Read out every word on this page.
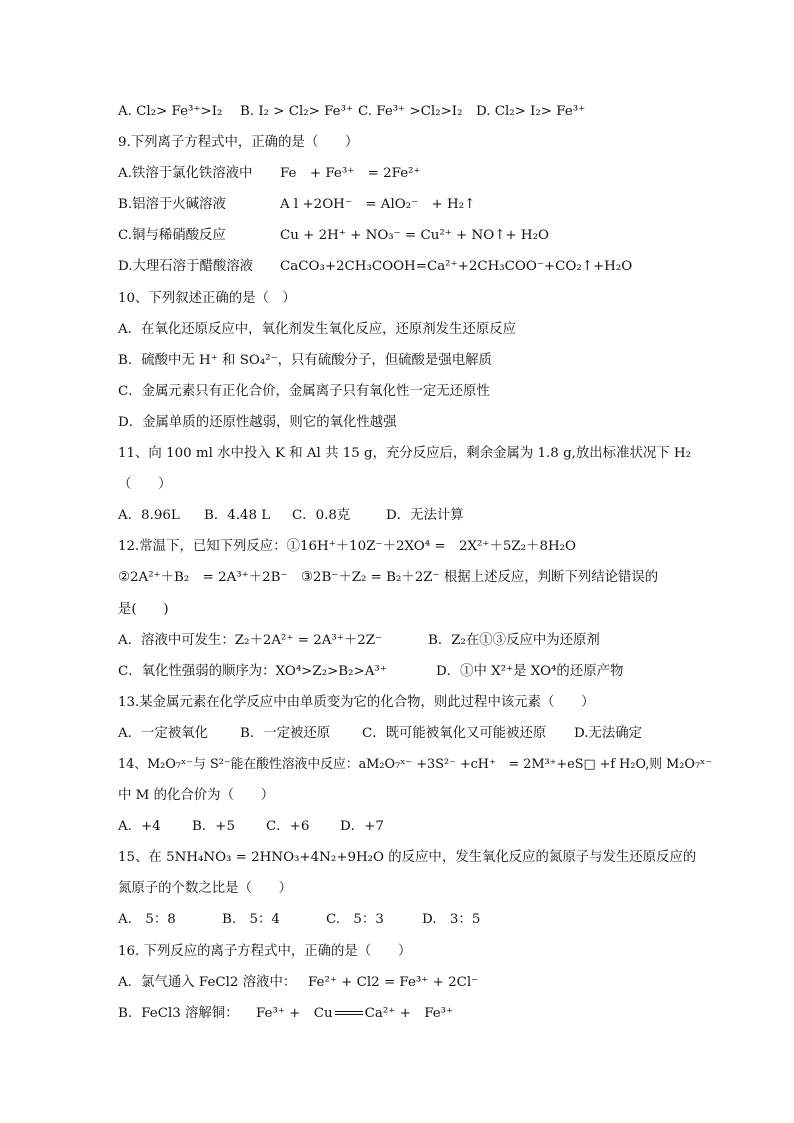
A. Cl₂> Fe³⁺>I₂	B. I₂ > Cl₂> Fe³⁺ C. Fe³⁺ >Cl₂>I₂	D. Cl₂> I₂> Fe³⁺
9.下列离子方程式中，正确的是（　　）
A.铁溶于氯化铁溶液中	Fe　+ Fe³⁺　= 2Fe²⁺
B.铝溶于火碱溶液	A l +2OH⁻　= AlO₂⁻　+ H₂↑
C.铜与稀硝酸反应	Cu + 2H⁺ + NO₃⁻ = Cu²⁺ + NO↑+ H₂O
D.大理石溶于醋酸溶液	CaCO₃+2CH₃COOH=Ca²⁺+2CH₃COO⁻+CO₂↑+H₂O
10、下列叙述正确的是（　）
A．在氧化还原反应中，氧化剂发生氧化反应，还原剂发生还原反应
B．硫酸中无 H⁺ 和 SO₄²⁻，只有硫酸分子，但硫酸是强电解质
C．金属元素只有正化合价，金属离子只有氧化性一定无还原性
D．金属单质的还原性越弱，则它的氧化性越强
11、向 100 ml 水中投入 K 和 Al 共 15 g，充分反应后，剩余金属为 1.8 g,放出标准状况下 H₂
（　　）
A．8.96L	B．4.48 L	C．0.8克	D．无法计算
12.常温下，已知下列反应：①16H⁺＋10Z⁻＋2XO⁴ =　2X²⁺＋5Z₂＋8H₂O
②2A²⁺＋B₂　= 2A³⁺＋2B⁻　③2B⁻＋Z₂ = B₂＋2Z⁻ 根据上述反应，判断下列结论错误的
是(　　)
A．溶液中可发生：Z₂＋2A²⁺ = 2A³⁺＋2Z⁻	B．Z₂在①③反应中为还原剂
C．氧化性强弱的顺序为：XO⁴>Z₂>B₂>A³⁺	D．①中 X²⁺是 XO⁴的还原产物
13.某金属元素在化学反应中由单质变为它的化合物，则此过程中该元素（　　）
A．一定被氧化	B．一定被还原	C．既可能被氧化又可能被还原	D.无法确定
14、M₂O₇ˣ⁻与 S²⁻能在酸性溶液中反应：aM₂O₇ˣ⁻ +3S²⁻ +cH⁺　= 2M³⁺+eS□ +f H₂O,则 M₂O₇ˣ⁻
中 M 的化合价为（　　）
A．+4	B．+5	C．+6	D．+7
15、在 5NH₄NO₃ = 2HNO₃+4N₂+9H₂O 的反应中，发生氧化反应的氮原子与发生还原反应的
氮原子的个数之比是（　　）
A.　5：8	B.　5：4	C.　5：3	D.　3：5
16. 下列反应的离子方程式中，正确的是（　　）
A．氯气通入 FeCl2 溶液中： Fe²⁺ + Cl2 = Fe³⁺ + 2Cl⁻
B．FeCl3 溶解铜：	Fe³⁺ +　Cu Ca²⁺ +　Fe³⁺
